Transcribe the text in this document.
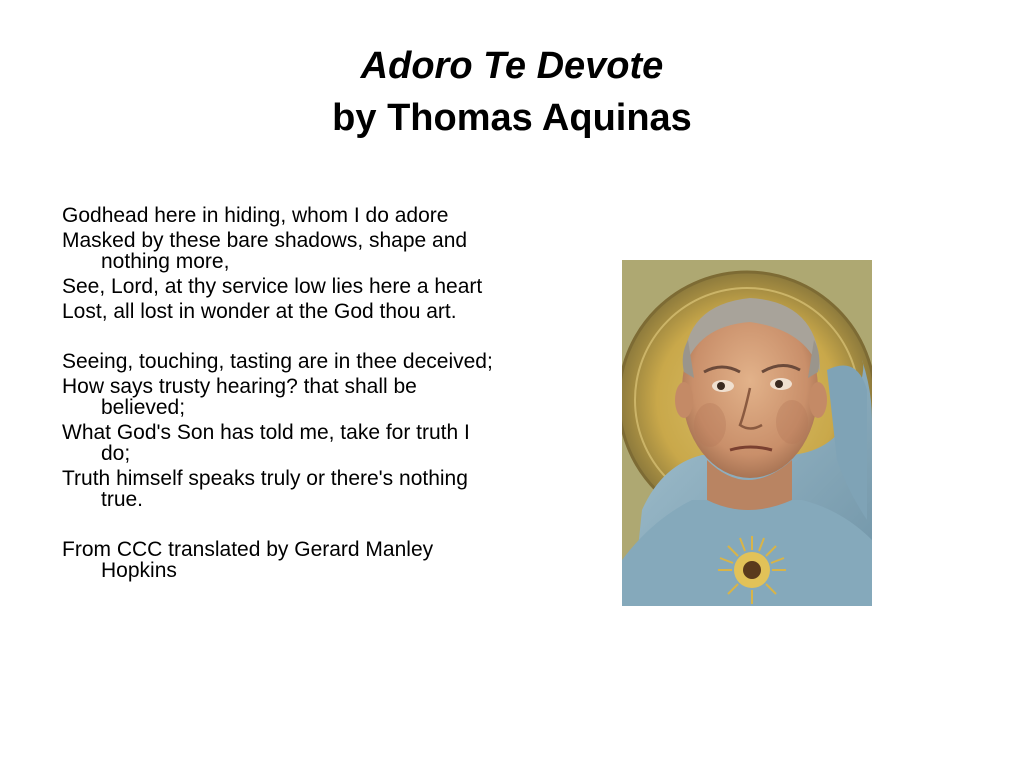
Adoro Te Devote
by Thomas Aquinas
Godhead here in hiding, whom I do adore
Masked by these bare shadows, shape and nothing more,
See, Lord, at thy service low lies here a heart
Lost, all lost in wonder at the God thou art.
Seeing, touching, tasting are in thee deceived;
How says trusty hearing? that shall be believed;
What God's Son has told me, take for truth I do;
Truth himself speaks truly or there's nothing true.
From CCC translated by Gerard Manley Hopkins
